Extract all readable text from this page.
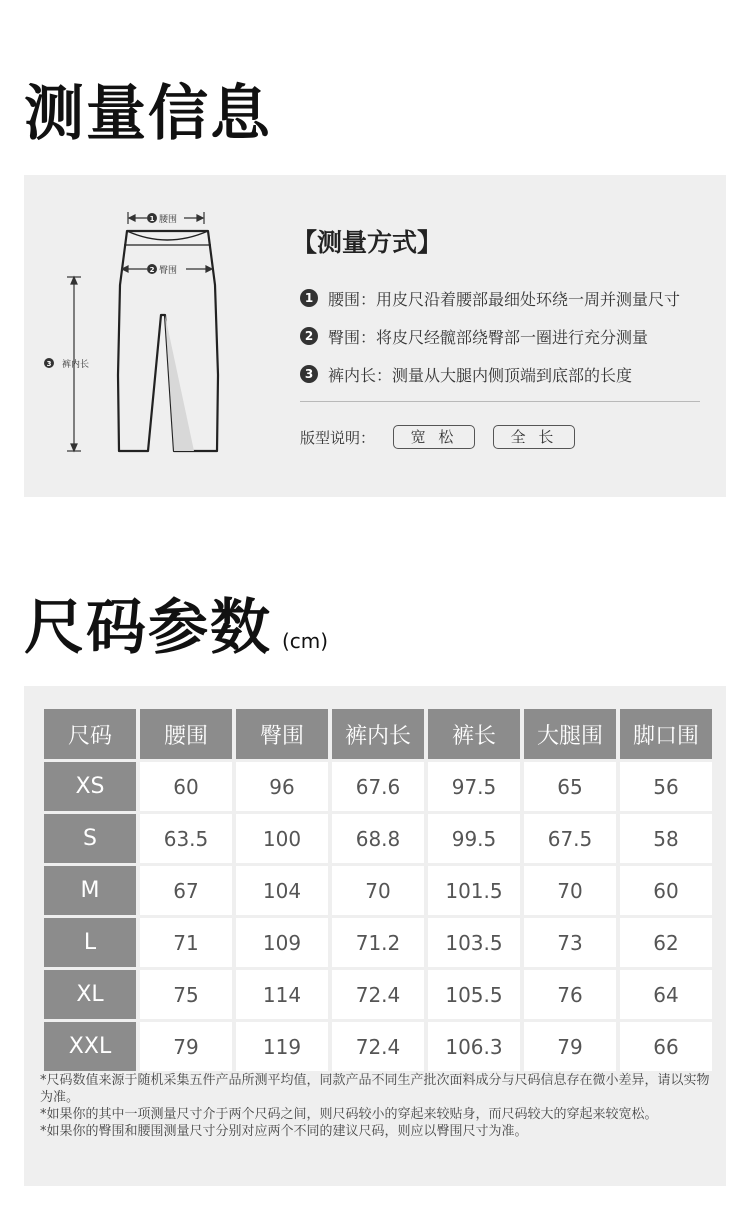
测量信息
1 腰围
2 臀围
3 裤内长
【测量方式】
1 腰围：用皮尺沿着腰部最细处环绕一周并测量尺寸
2 臀围：将皮尺经髋部绕臀部一圈进行充分测量
3 裤内长：测量从大腿内侧顶端到底部的长度
版型说明：	宽 松	全 长
尺码参数 (cm)
尺码	腰围	臀围	裤内长	裤长	大腿围	脚口围
XS	60	96	67.6	97.5	65	56
S	63.5	100	68.8	99.5	67.5	58
M	67	104	70	101.5	70	60
L	71	109	71.2	103.5	73	62
XL	75	114	72.4	105.5	76	64
XXL	79	119	72.4	106.3	79	66
*尺码数值来源于随机采集五件产品所测平均值，同款产品不同生产批次面料成分与尺码信息存在微小差异，请以实物为准。
*如果你的其中一项测量尺寸介于两个尺码之间，则尺码较小的穿起来较贴身，而尺码较大的穿起来较宽松。
*如果你的臀围和腰围测量尺寸分别对应两个不同的建议尺码，则应以臀围尺寸为准。
